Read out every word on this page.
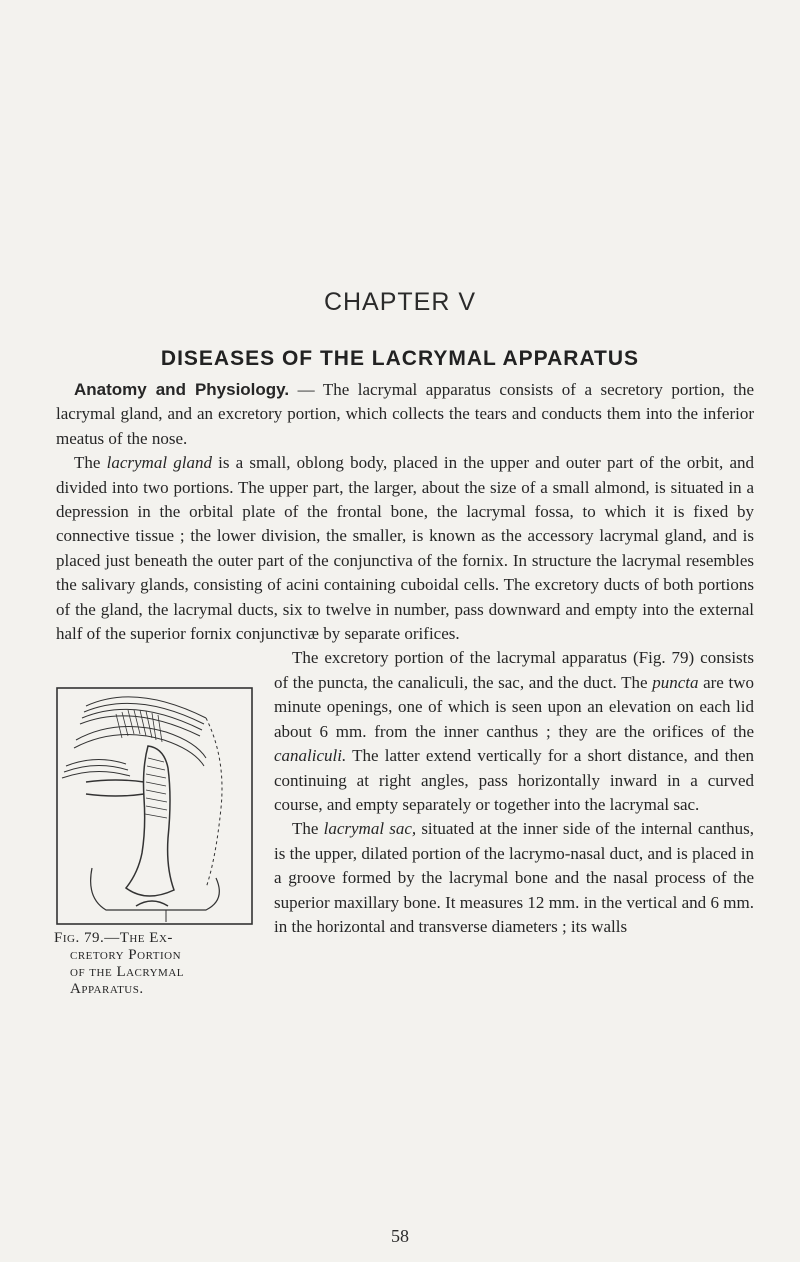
CHAPTER V
DISEASES OF THE LACRYMAL APPARATUS

Anatomy and Physiology. — The lacrymal apparatus consists of a secretory portion, the lacrymal gland, and an excretory portion, which collects the tears and conducts them into the inferior meatus of the nose.

The lacrymal gland is a small, oblong body, placed in the upper and outer part of the orbit, and divided into two portions. The upper part, the larger, about the size of a small almond, is situated in a depression in the orbital plate of the frontal bone, the lacrymal fossa, to which it is fixed by connective tissue ; the lower division, the smaller, is known as the accessory lacrymal gland, and is placed just beneath the outer part of the conjunctiva of the fornix. In structure the lacrymal resembles the salivary glands, consisting of acini containing cuboidal cells. The excretory ducts of both portions of the gland, the lacrymal ducts, six to twelve in number, pass downward and empty into the external half of the superior fornix conjunctivæ by separate orifices.

The excretory portion of the lacrymal apparatus (Fig. 79) consists of the puncta, the canaliculi, the sac, and the duct. The puncta are two minute openings, one of which is seen upon an elevation on each lid about 6 mm. from the inner canthus ; they are the orifices of the canaliculi. The latter extend vertically for a short distance, and then continuing at right angles, pass horizontally inward in a curved course, and empty separately or together into the lacrymal sac.

The lacrymal sac, situated at the inner side of the internal canthus, is the upper, dilated portion of the lacrymo-nasal duct, and is placed in a groove formed by the lacrymal bone and the nasal process of the superior maxillary bone. It measures 12 mm. in the vertical and 6 mm. in the horizontal and transverse diameters ; its walls

Fig. 79.—The Ex-
cretory Portion
of the Lacrymal
Apparatus.
58
